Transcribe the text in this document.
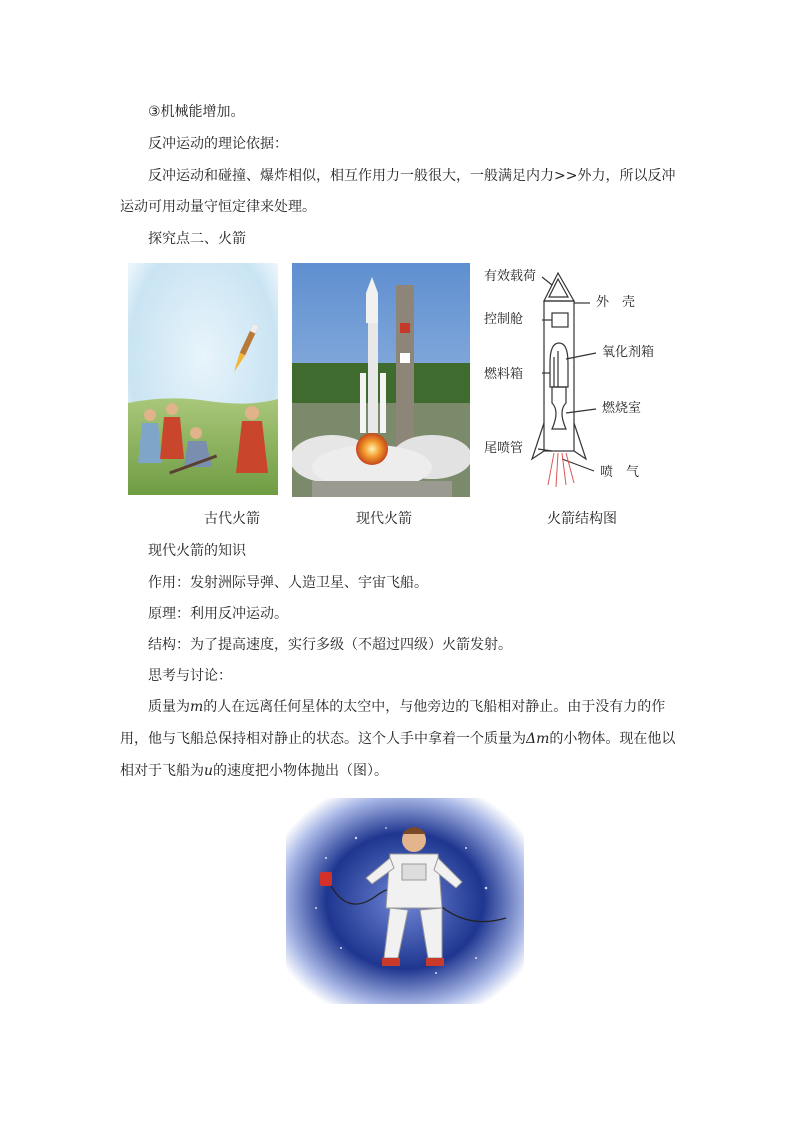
③机械能增加。
反冲运动的理论依据：
反冲运动和碰撞、爆炸相似，相互作用力一般很大，一般满足内力>>外力，所以反冲
运动可用动量守恒定律来处理。
探究点二、火箭
有效载荷
外　壳
控制舱
氧化剂箱
燃料箱
燃烧室
尾喷管
喷　气
古代火箭	现代火箭	火箭结构图
现代火箭的知识
作用：发射洲际导弹、人造卫星、宇宙飞船。
原理：利用反冲运动。
结构：为了提高速度，实行多级（不超过四级）火箭发射。
思考与讨论：
质量为m的人在远离任何星体的太空中，与他旁边的飞船相对静止。由于没有力的作
用，他与飞船总保持相对静止的状态。这个人手中拿着一个质量为Δm的小物体。现在他以
相对于飞船为u的速度把小物体抛出（图）。
